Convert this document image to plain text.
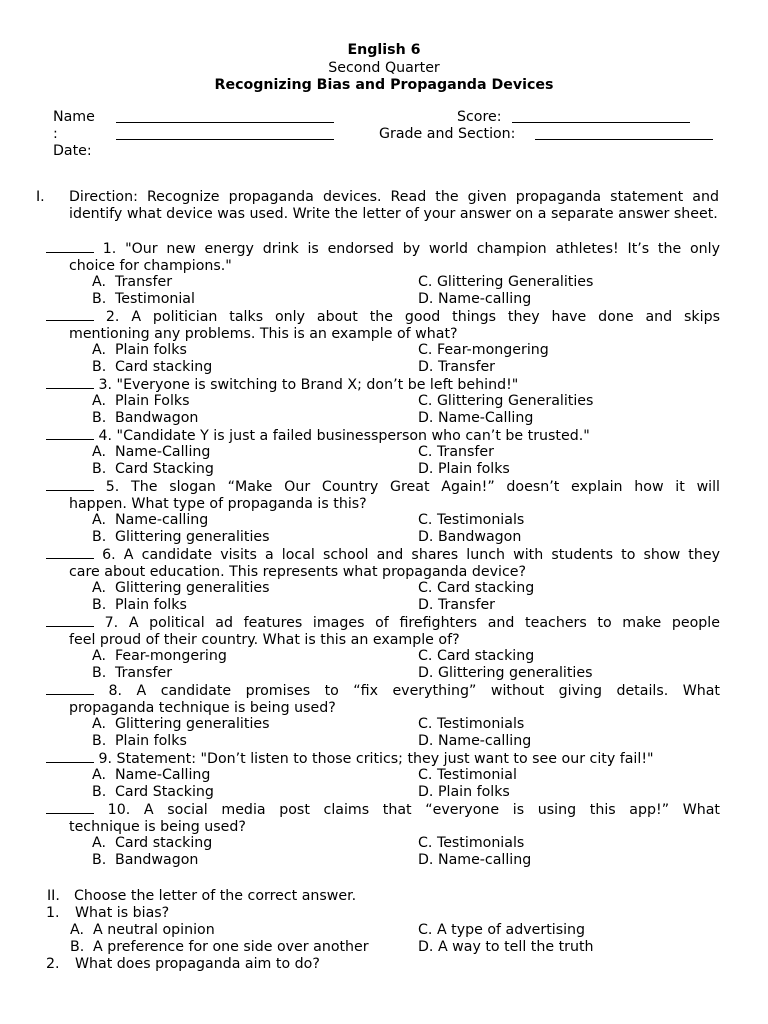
English 6
Second Quarter
Recognizing Bias and Propaganda Devices
Name
:
Date:
Score:
Grade and Section:
I. Direction: Recognize propaganda devices. Read the given propaganda statement and identify what device was used. Write the letter of your answer on a separate answer sheet.
1. "Our new energy drink is endorsed by world champion athletes! It’s the only
choice for champions."
A. Transfer
B. Testimonial
C. Glittering Generalities
D. Name-calling
2. A politician talks only about the good things they have done and skips
mentioning any problems. This is an example of what?
A. Plain folks
B. Card stacking
C. Fear-mongering
D. Transfer
3. "Everyone is switching to Brand X; don’t be left behind!"
A. Plain Folks
B. Bandwagon
C. Glittering Generalities
D. Name-Calling
4. "Candidate Y is just a failed businessperson who can’t be trusted."
A. Name-Calling
B. Card Stacking
C. Transfer
D. Plain folks
5. The slogan “Make Our Country Great Again!” doesn’t explain how it will
happen. What type of propaganda is this?
A. Name-calling
B. Glittering generalities
C. Testimonials
D. Bandwagon
6. A candidate visits a local school and shares lunch with students to show they
care about education. This represents what propaganda device?
A. Glittering generalities
B. Plain folks
C. Card stacking
D. Transfer
7. A political ad features images of firefighters and teachers to make people
feel proud of their country. What is this an example of?
A. Fear-mongering
B. Transfer
C. Card stacking
D. Glittering generalities
8. A candidate promises to “fix everything” without giving details. What
propaganda technique is being used?
A. Glittering generalities
B. Plain folks
C. Testimonials
D. Name-calling
9. Statement: "Don’t listen to those critics; they just want to see our city fail!"
A. Name-Calling
B. Card Stacking
C. Testimonial
D. Plain folks
10. A social media post claims that “everyone is using this app!” What
technique is being used?
A. Card stacking
B. Bandwagon
C. Testimonials
D. Name-calling
II. Choose the letter of the correct answer.
1. What is bias?
A. A neutral opinion
B. A preference for one side over another
C. A type of advertising
D. A way to tell the truth
2. What does propaganda aim to do?
